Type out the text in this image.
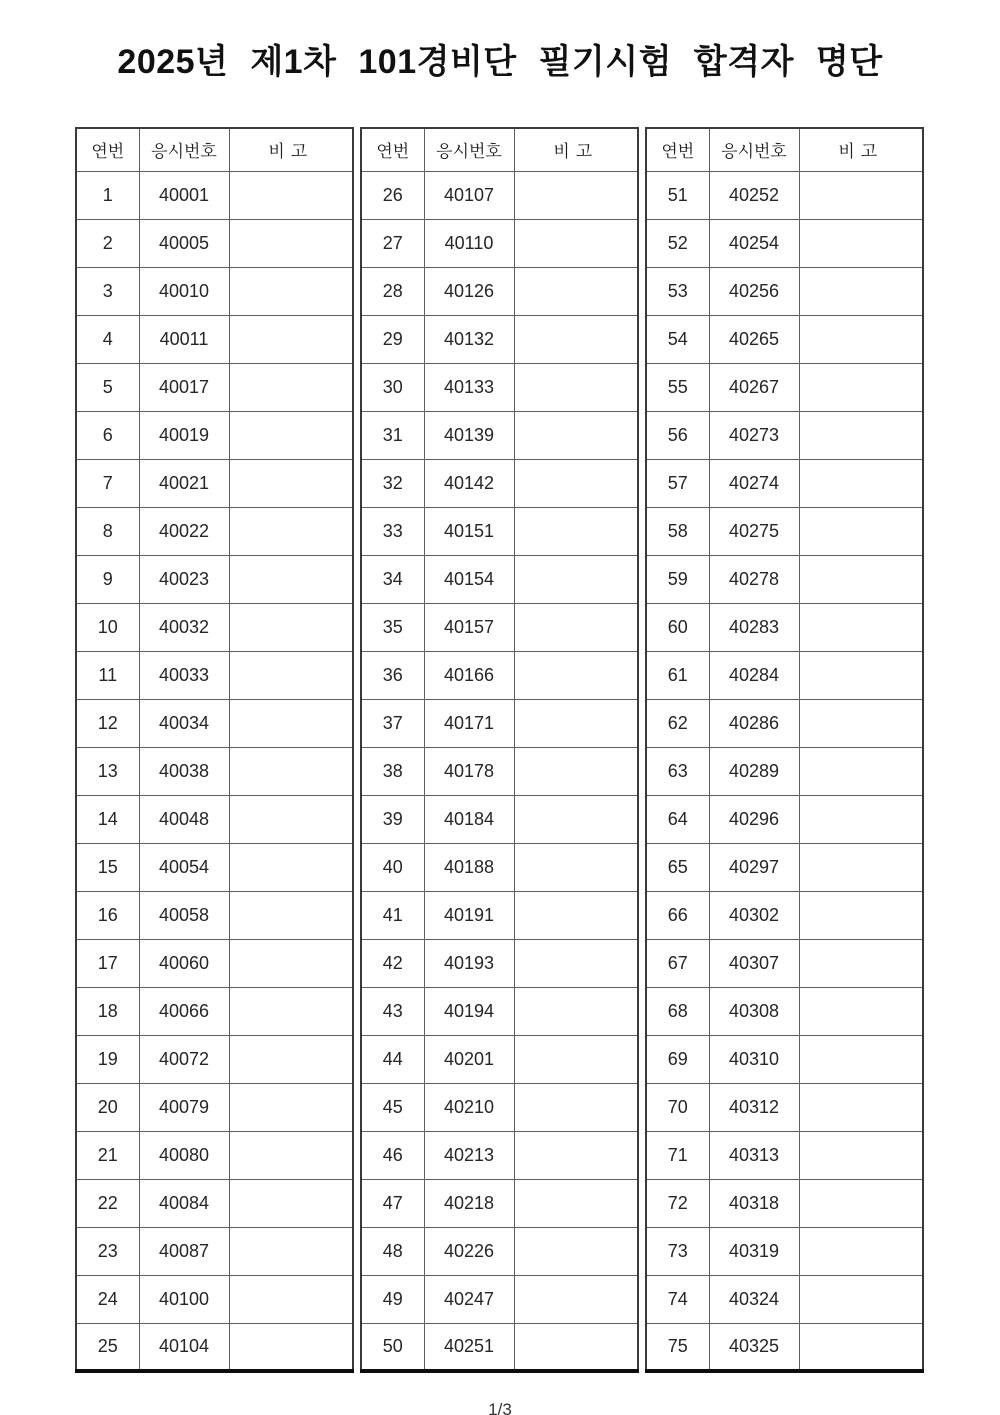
2025년 제1차 101경비단 필기시험 합격자 명단
연번	응시번호	비고
1	40001	
2	40005	
3	40010	
4	40011	
5	40017	
6	40019	
7	40021	
8	40022	
9	40023	
10	40032	
11	40033	
12	40034	
13	40038	
14	40048	
15	40054	
16	40058	
17	40060	
18	40066	
19	40072	
20	40079	
21	40080	
22	40084	
23	40087	
24	40100	
25	40104	
연번	응시번호	비고
26	40107	
27	40110	
28	40126	
29	40132	
30	40133	
31	40139	
32	40142	
33	40151	
34	40154	
35	40157	
36	40166	
37	40171	
38	40178	
39	40184	
40	40188	
41	40191	
42	40193	
43	40194	
44	40201	
45	40210	
46	40213	
47	40218	
48	40226	
49	40247	
50	40251	
연번	응시번호	비고
51	40252	
52	40254	
53	40256	
54	40265	
55	40267	
56	40273	
57	40274	
58	40275	
59	40278	
60	40283	
61	40284	
62	40286	
63	40289	
64	40296	
65	40297	
66	40302	
67	40307	
68	40308	
69	40310	
70	40312	
71	40313	
72	40318	
73	40319	
74	40324	
75	40325	
1/3
